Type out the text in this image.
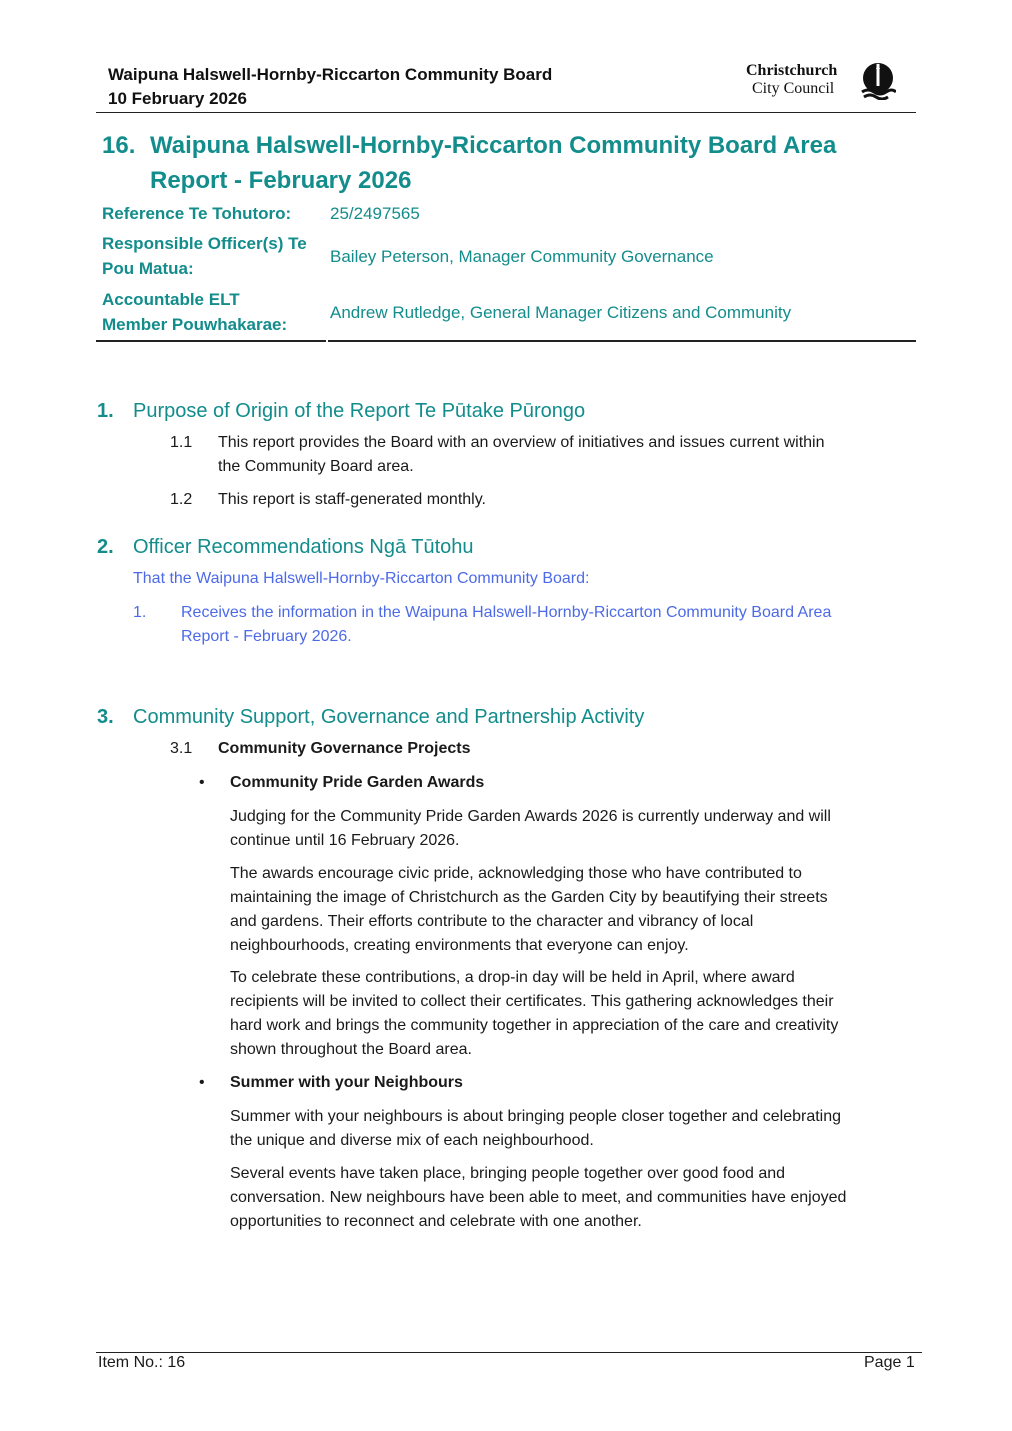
Waipuna Halswell-Hornby-Riccarton Community Board
10 February 2026
Christchurch
City Council
16. Waipuna Halswell-Hornby-Riccarton Community Board Area
Report - February 2026
Reference Te Tohutoro: 25/2497565
Responsible Officer(s) Te
Pou Matua:
Bailey Peterson, Manager Community Governance
Accountable ELT
Member Pouwhakarae:
Andrew Rutledge, General Manager Citizens and Community
1. Purpose of Origin of the Report Te Pūtake Pūrongo
1.1 This report provides the Board with an overview of initiatives and issues current within
the Community Board area.
1.2 This report is staff-generated monthly.
2. Officer Recommendations Ngā Tūtohu
That the Waipuna Halswell-Hornby-Riccarton Community Board:
1. Receives the information in the Waipuna Halswell-Hornby-Riccarton Community Board Area
Report - February 2026.
3. Community Support, Governance and Partnership Activity
3.1 Community Governance Projects
• Community Pride Garden Awards
Judging for the Community Pride Garden Awards 2026 is currently underway and will
continue until 16 February 2026.
The awards encourage civic pride, acknowledging those who have contributed to
maintaining the image of Christchurch as the Garden City by beautifying their streets
and gardens. Their efforts contribute to the character and vibrancy of local
neighbourhoods, creating environments that everyone can enjoy.
To celebrate these contributions, a drop-in day will be held in April, where award
recipients will be invited to collect their certificates. This gathering acknowledges their
hard work and brings the community together in appreciation of the care and creativity
shown throughout the Board area.
• Summer with your Neighbours
Summer with your neighbours is about bringing people closer together and celebrating
the unique and diverse mix of each neighbourhood.
Several events have taken place, bringing people together over good food and
conversation. New neighbours have been able to meet, and communities have enjoyed
opportunities to reconnect and celebrate with one another.
Item No.: 16	Page 1
